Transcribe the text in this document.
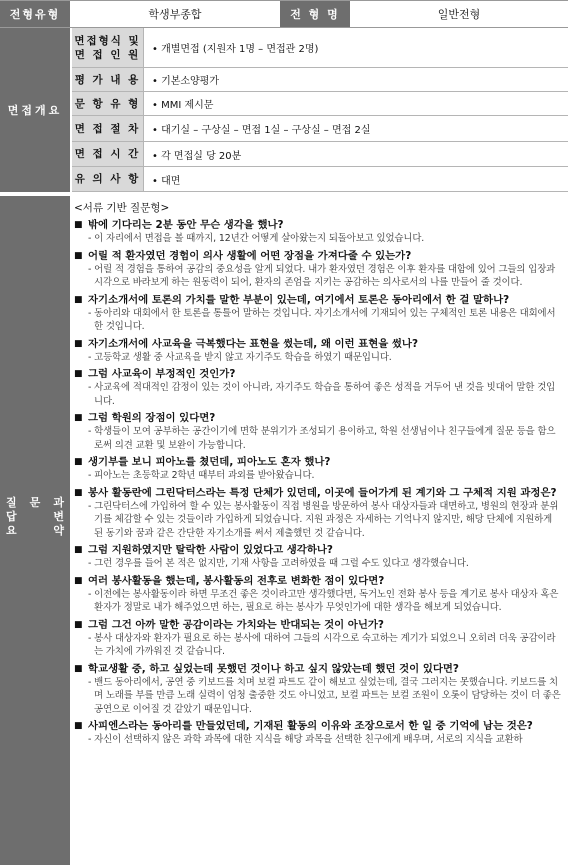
전형유형	학생부종합	전 형 명	일반전형
면접개요
면접형식 및
면 접 인 원	• 개별면접 (지원자 1명 – 면접관 2명)
평 가 내 용	• 기본소양평가
문 항 유 형	• MMI 제시문
면 접 절 차	• 대기실 – 구상실 – 면접 1실 – 구상실 – 면접 2실
면 접 시 간	• 각 면접실 당 20분
유 의 사 항	• 대면
질 문 과
답	변
요	약
<서류 기반 질문형>
■ 밖에 기다리는 2분 동안 무슨 생각을 했나?
- 이 자리에서 면접을 볼 때까지, 12년간 어떻게 살아왔는지 되돌아보고 있었습니다.
■ 어릴 적 환자였던 경험이 의사 생활에 어떤 장점을 가져다줄 수 있는가?
- 어릴 적 경험을 통하여 공감의 중요성을 알게 되었다. 내가 환자였던 경험은 이후 환자를 대함에 있어 그들의 입장과 시각으로 바라보게 하는 원동력이 되어, 환자의 존엄을 지키는 공감하는 의사로서의 나를 만들어 줄 것이다.
■ 자기소개서에 토론의 가치를 말한 부분이 있는데, 여기에서 토론은 동아리에서 한 걸 말하나?
- 동아리와 대회에서 한 토론을 통틀어 말하는 것입니다. 자기소개서에 기재되어 있는 구체적인 토론 내용은 대회에서 한 것입니다.
■ 자기소개서에 사교육을 극복했다는 표현을 썼는데, 왜 이런 표현을 썼나?
- 고등학교 생활 중 사교육을 받지 않고 자기주도 학습을 하였기 때문입니다.
■ 그럼 사교육이 부정적인 것인가?
- 사교육에 적대적인 감정이 있는 것이 아니라, 자기주도 학습을 통하여 좋은 성적을 거두어 낸 것을 빗대어 말한 것입니다.
■ 그럼 학원의 장점이 있다면?
- 학생들이 모여 공부하는 공간이기에 면학 분위기가 조성되기 용이하고, 학원 선생님이나 친구들에게 질문 등을 함으로써 의견 교환 및 보완이 가능합니다.
■ 생기부를 보니 피아노를 쳤던데, 피아노도 혼자 했나?
- 피아노는 초등학교 2학년 때부터 과외를 받아왔습니다.
■ 봉사 활동란에 그린닥터스라는 특정 단체가 있던데, 이곳에 들어가게 된 계기와 그 구체적 지원 과정은?
- 그린닥터스에 가입하여 할 수 있는 봉사활동이 직접 병원을 방문하여 봉사 대상자들과 대면하고, 병원의 현장과 분위기를 체감할 수 있는 것들이라 가입하게 되었습니다. 지원 과정은 자세하는 기억나지 않지만, 해당 단체에 지원하게 된 동기와 꿈과 같은 간단한 자기소개를 써서 제출했던 것 같습니다.
■ 그럼 지원하였지만 탈락한 사람이 있었다고 생각하나?
- 그런 경우를 들어 본 적은 없지만, 기재 사항을 고려하였을 때 그럴 수도 있다고 생각했습니다.
■ 여러 봉사활동을 했는데, 봉사활동의 전후로 변화한 점이 있다면?
- 이전에는 봉사활동이라 하면 무조건 좋은 것이라고만 생각했다면, 독거노인 전화 봉사 등을 계기로 봉사 대상자 혹은 환자가 정말로 내가 해주었으면 하는, 필요로 하는 봉사가 무엇인가에 대한 생각을 해보게 되었습니다.
■ 그럼 그건 아까 말한 공감이라는 가치와는 반대되는 것이 아닌가?
- 봉사 대상자와 환자가 필요로 하는 봉사에 대하여 그들의 시각으로 숙고하는 계기가 되었으니 오히려 더욱 공감이라는 가치에 가까워진 것 같습니다.
■ 학교생활 중, 하고 싶었는데 못했던 것이나 하고 싶지 않았는데 했던 것이 있다면?
- 밴드 동아리에서, 공연 중 키보드를 치며 보컬 파트도 같이 해보고 싶었는데, 결국 그러지는 못했습니다. 키보드를 치며 노래를 부를 만큼 노래 실력이 엄청 출중한 것도 아니었고, 보컬 파트는 보컬 조원이 오롯이 담당하는 것이 더 좋은 공연으로 이어질 것 같았기 때문입니다.
■ 사피엔스라는 동아리를 만들었던데, 기재된 활동의 이유와 조장으로서 한 일 중 기억에 남는 것은?
- 자신이 선택하지 않은 과학 과목에 대한 지식을 해당 과목을 선택한 친구에게 배우며, 서로의 지식을 교환하
